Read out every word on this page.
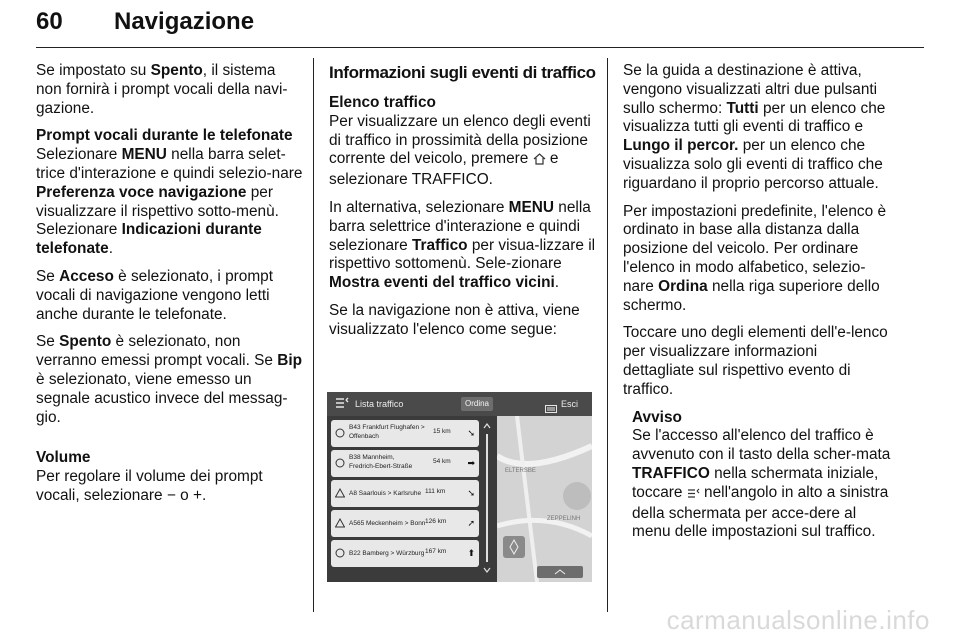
60 Navigazione

Se impostato su Spento, il sistema non fornirà i prompt vocali della navi-gazione.

Prompt vocali durante le telefonate

Selezionare MENU nella barra selet-trice d'interazione e quindi selezio-nare Preferenza voce navigazione per visualizzare il rispettivo sotto-menù. Selezionare Indicazioni durante telefonate.

Se Acceso è selezionato, i prompt vocali di navigazione vengono letti anche durante le telefonate.

Se Spento è selezionato, non verranno emessi prompt vocali. Se Bip è selezionato, viene emesso un segnale acustico invece del messag-gio.

Volume

Per regolare il volume dei prompt vocali, selezionare − o +.

Informazioni sugli eventi di traffico
Elenco traffico

Per visualizzare un elenco degli eventi di traffico in prossimità della posizione corrente del veicolo, premere  e selezionare TRAFFICO.

In alternativa, selezionare MENU nella barra selettrice d'interazione e quindi selezionare Traffico per visua-lizzare il rispettivo sottomenù. Sele-zionare Mostra eventi del traffico vicini.

Se la navigazione non è attiva, viene visualizzato l'elenco come segue:

Lista traffico	Ordina	Esci
B43 Frankfurt Flughafen >
Offenbach
15 km ➘
B38 Mannheim,
Fredrich-Ebert-Straße
54 km ➡
A8 Saarlouis > Karlsruhe 111 km ➘
A565 Meckenheim > Bonn 126 km ➚
B22 Bamberg > Würzburg 167 km ⬆
ELTERSBE
ZEPPELINH

Se la guida a destinazione è attiva, vengono visualizzati altri due pulsanti sullo schermo: Tutti per un elenco che visualizza tutti gli eventi di traffico e Lungo il percor. per un elenco che visualizza solo gli eventi di traffico che riguardano il proprio percorso attuale.

Per impostazioni predefinite, l'elenco è ordinato in base alla distanza dalla posizione del veicolo. Per ordinare l'elenco in modo alfabetico, selezio-nare Ordina nella riga superiore dello schermo.

Toccare uno degli elementi dell'e-lenco per visualizzare informazioni dettagliate sul rispettivo evento di traffico.

Avviso

Se l'accesso all'elenco del traffico è avvenuto con il tasto della scher-mata TRAFFICO nella schermata iniziale, toccare  nell'angolo in alto a sinistra della schermata per acce-dere al menu delle impostazioni sul traffico.

carmanualsonline.info
